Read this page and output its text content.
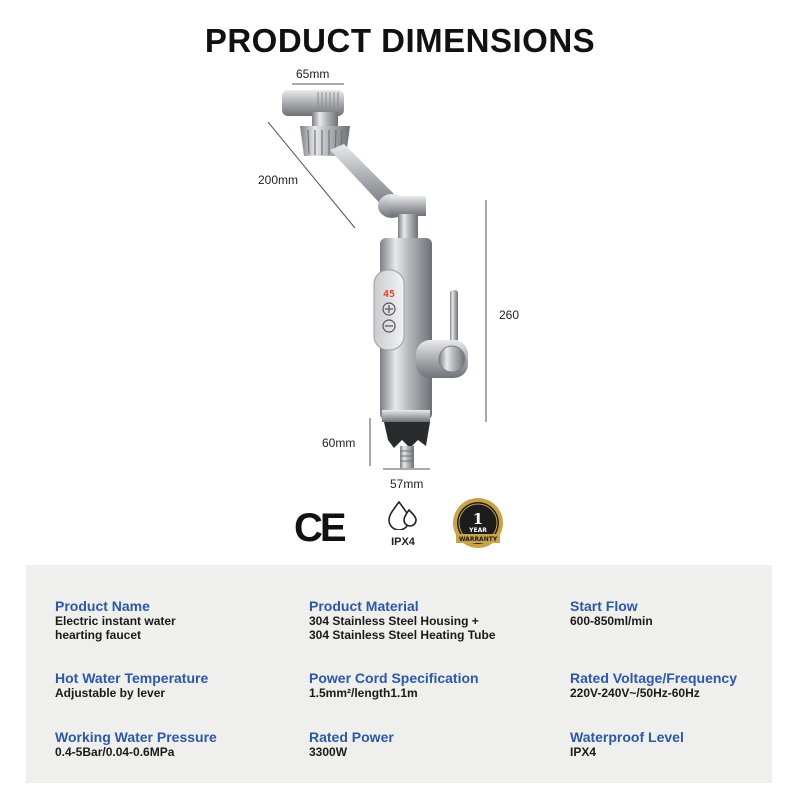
PRODUCT DIMENSIONS
45
65mm
200mm
260
60mm
57mm
CE	IPX4
1
YEAR
WARRANTY
Product Name
Electric instant water
hearting faucet
Product Material
304 Stainless Steel Housing +
304 Stainless Steel Heating Tube
Start Flow
600-850ml/min
Hot Water Temperature
Adjustable by lever
Power Cord Specification
1.5mm²/length1.1m
Rated Voltage/Frequency
220V-240V~/50Hz-60Hz
Working Water Pressure
0.4-5Bar/0.04-0.6MPa
Rated Power
3300W
Waterproof Level
IPX4
